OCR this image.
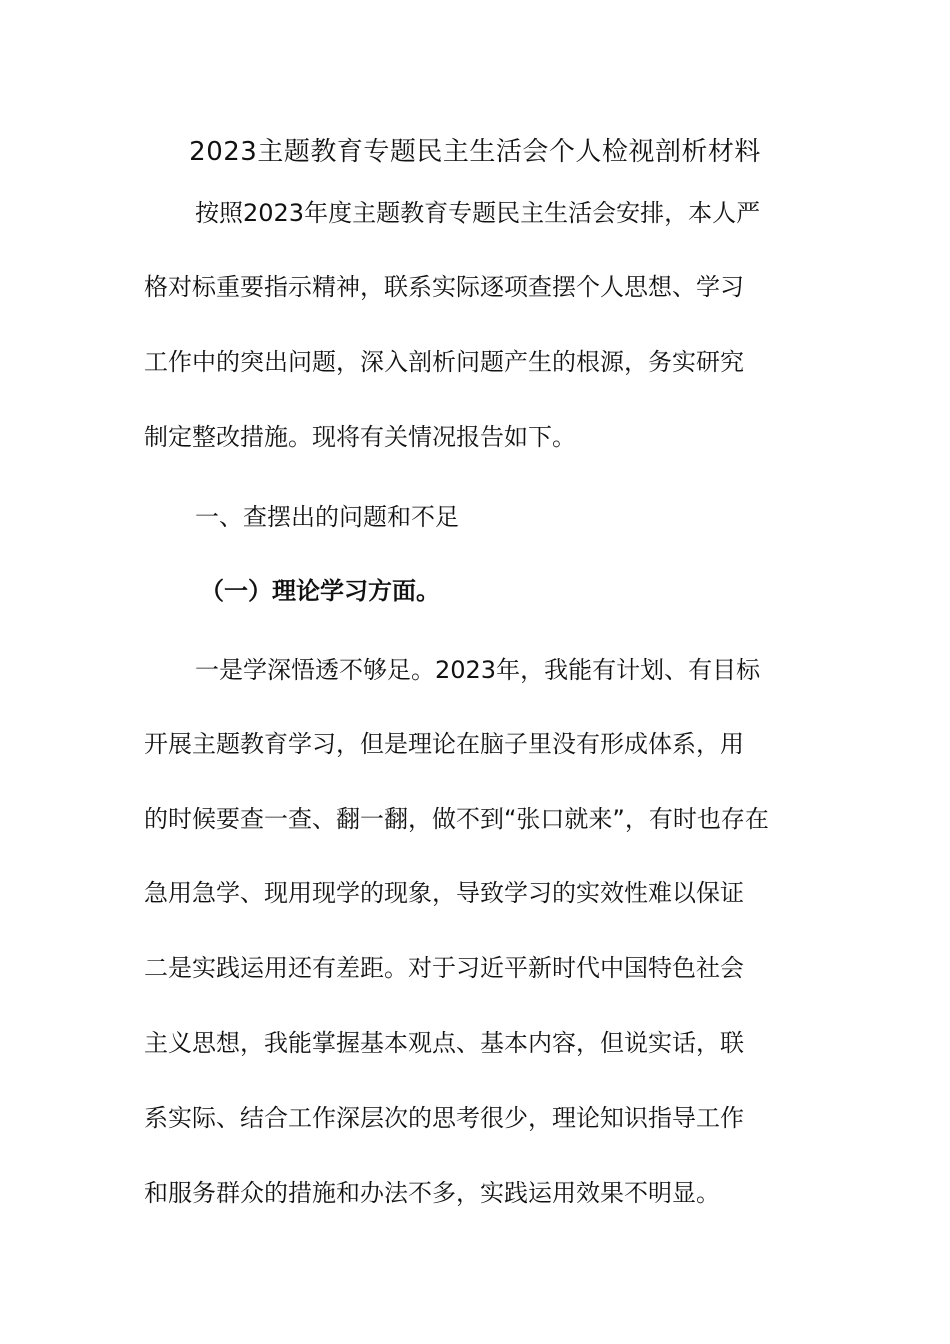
2023主题教育专题民主生活会个人检视剖析材料
按照2023年度主题教育专题民主生活会安排，本人严
格对标重要指示精神，联系实际逐项查摆个人思想、学习
工作中的突出问题，深入剖析问题产生的根源，务实研究
制定整改措施。现将有关情况报告如下。
一、查摆出的问题和不足
（一）理论学习方面。
一是学深悟透不够足。2023年，我能有计划、有目标
开展主题教育学习，但是理论在脑子里没有形成体系，用
的时候要查一查、翻一翻，做不到“张口就来”，有时也存在
急用急学、现用现学的现象，导致学习的实效性难以保证
二是实践运用还有差距。对于习近平新时代中国特色社会
主义思想，我能掌握基本观点、基本内容，但说实话，联
系实际、结合工作深层次的思考很少，理论知识指导工作
和服务群众的措施和办法不多，实践运用效果不明显。
